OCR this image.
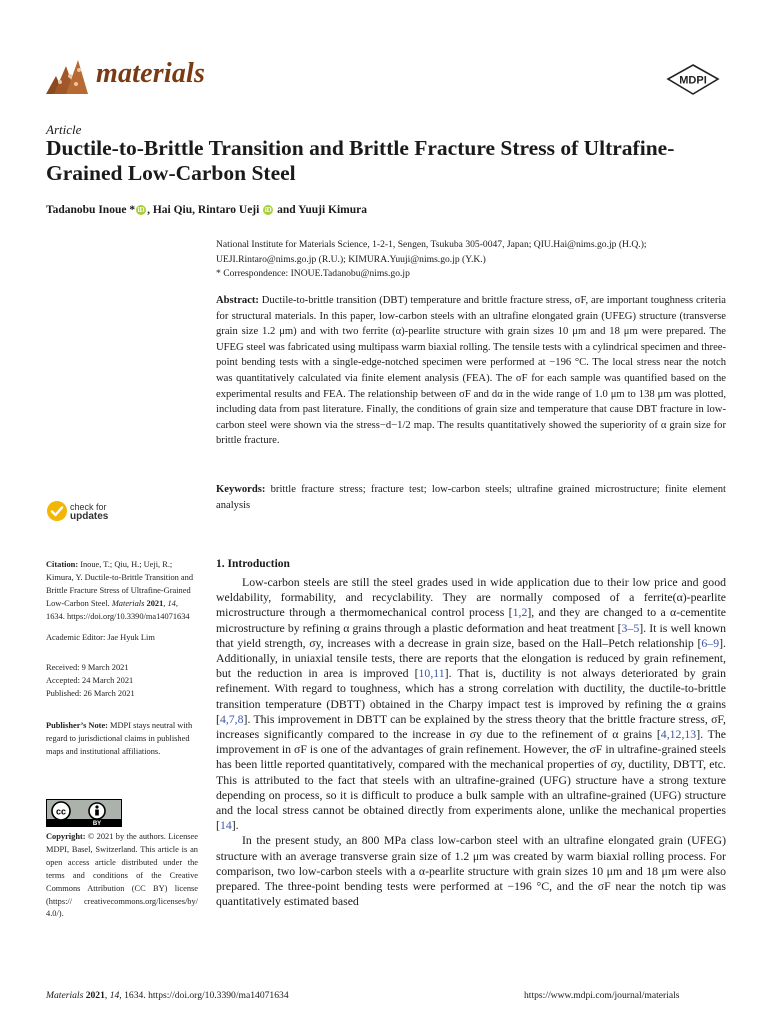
materials	MDPI
Article
Ductile-to-Brittle Transition and Brittle Fracture Stress of Ultrafine-Grained Low-Carbon Steel
Tadanobu Inoue * iD , Hai Qiu, Rintaro Ueji iD and Yuuji Kimura

National Institute for Materials Science, 1-2-1, Sengen, Tsukuba 305-0047, Japan; QIU.Hai@nims.go.jp (H.Q.);

UEJI.Rintaro@nims.go.jp (R.U.); KIMURA.Yuuji@nims.go.jp (Y.K.)

* Correspondence: INOUE.Tadanobu@nims.go.jp

Abstract: Ductile-to-brittle transition (DBT) temperature and brittle fracture stress, σF, are important toughness criteria for structural materials. In this paper, low-carbon steels with an ultrafine elongated grain (UFEG) structure (transverse grain size 1.2 μm) and with two ferrite (α)-pearlite structure with grain sizes 10 μm and 18 μm were prepared. The UFEG steel was fabricated using multipass warm biaxial rolling. The tensile tests with a cylindrical specimen and three-point bending tests with a single-edge-notched specimen were performed at −196 °C. The local stress near the notch was quantitatively calculated via finite element analysis (FEA). The σF for each sample was quantified based on the experimental results and FEA. The relationship between σF and dα in the wide range of 1.0 μm to 138 μm was plotted, including data from past literature. Finally, the conditions of grain size and temperature that cause DBT fracture in low-carbon steel were shown via the stress−d−1/2 map. The results quantitatively showed the superiority of α grain size for brittle fracture.

Keywords: brittle fracture stress; fracture test; low-carbon steels; ultrafine grained microstructure; finite element analysis

check for
updates

Citation: Inoue, T.; Qiu, H.; Ueji, R.; Kimura, Y. Ductile-to-Brittle Transition and Brittle Fracture Stress of Ultrafine-Grained Low-Carbon Steel. Materials 2021, 14, 1634. https://doi.org/10.3390/ma14071634

Academic Editor: Jae Hyuk Lim

Received: 9 March 2021

Accepted: 24 March 2021

Published: 26 March 2021

Publisher’s Note: MDPI stays neutral with regard to jurisdictional claims in published maps and institutional affiliations.

cc
BY

Copyright: © 2021 by the authors. Licensee MDPI, Basel, Switzerland. This article is an open access article distributed under the terms and conditions of the Creative Commons Attribution (CC BY) license (https:// creativecommons.org/licenses/by/ 4.0/).

1. Introduction

Low-carbon steels are still the steel grades used in wide application due to their low price and good weldability, formability, and recyclability. They are normally composed of a ferrite(α)-pearlite microstructure through a thermomechanical control process [1,2], and they are changed to a α-cementite microstructure by refining α grains through a plastic deformation and heat treatment [3–5]. It is well known that yield strength, σy, increases with a decrease in grain size, based on the Hall–Petch relationship [6–9]. Additionally, in uniaxial tensile tests, there are reports that the elongation is reduced by grain refinement, but the reduction in area is improved [10,11]. That is, ductility is not always deteriorated by grain refinement. With regard to toughness, which has a strong correlation with ductility, the ductile-to-brittle transition temperature (DBTT) obtained in the Charpy impact test is improved by refining the α grains [4,7,8]. This improvement in DBTT can be explained by the stress theory that the brittle fracture stress, σF, increases significantly compared to the increase in σy due to the refinement of α grains [4,12,13]. The improvement in σF is one of the advantages of grain refinement. However, the σF in ultrafine-grained steels has been little reported quantitatively, compared with the mechanical properties of σy, ductility, DBTT, etc. This is attributed to the fact that steels with an ultrafine-grained (UFG) structure have a strong texture depending on process, so it is difficult to produce a bulk sample with an ultrafine-grained (UFG) structure and the local stress cannot be obtained directly from experiments alone, unlike the mechanical properties [14].

In the present study, an 800 MPa class low-carbon steel with an ultrafine elongated grain (UFEG) structure with an average transverse grain size of 1.2 μm was created by warm biaxial rolling process. For comparison, two low-carbon steels with a α-pearlite structure with grain sizes 10 μm and 18 μm were also prepared. The three-point bending tests were performed at −196 °C, and the σF near the notch tip was quantitatively estimated based

Materials 2021, 14, 1634. https://doi.org/10.3390/ma14071634	https://www.mdpi.com/journal/materials
